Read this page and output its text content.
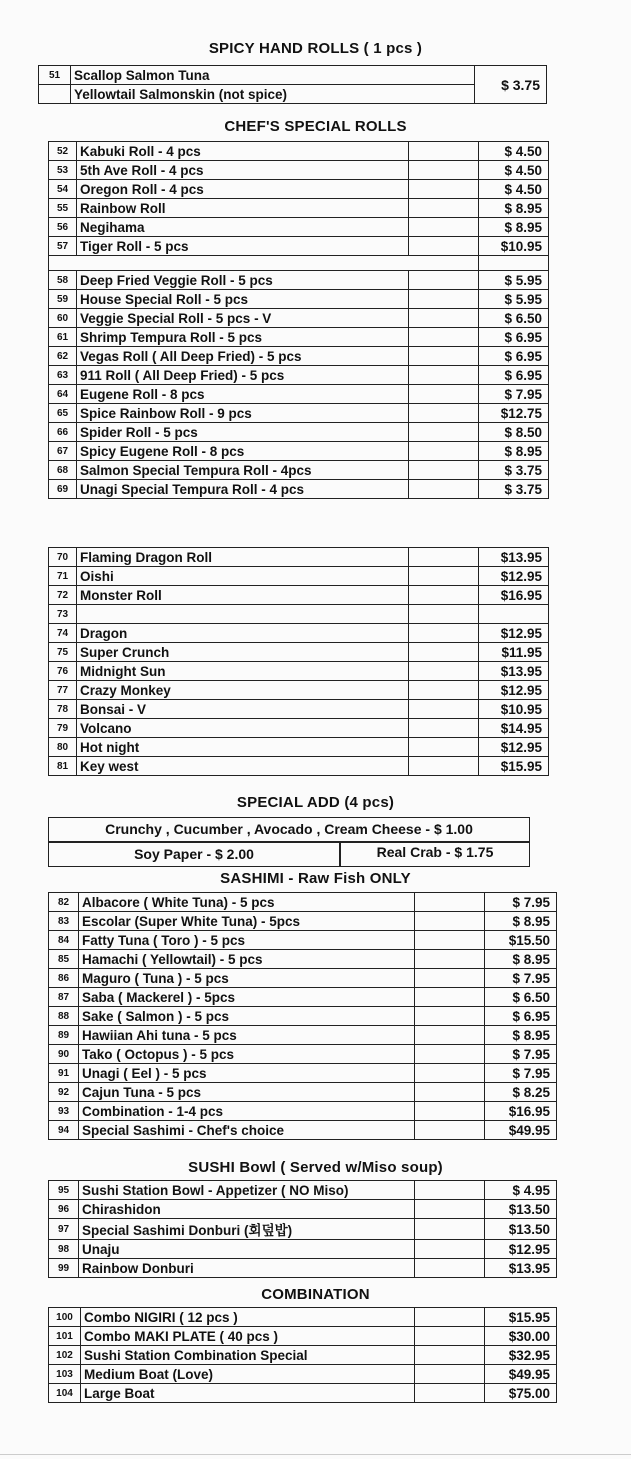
SPICY HAND ROLLS ( 1 pcs )
51	Scallop Salmon Tuna	$ 3.75
	Yellowtail Salmonskin (not spice)	
CHEF'S SPECIAL ROLLS
52	Kabuki Roll - 4 pcs		$ 4.50
53	5th Ave Roll - 4 pcs		$ 4.50
54	Oregon Roll - 4 pcs		$ 4.50
55	Rainbow Roll		$ 8.95
56	Negihama		$ 8.95
57	Tiger Roll - 5 pcs		$10.95

58	Deep Fried Veggie Roll - 5 pcs		$ 5.95
59	House Special Roll - 5 pcs		$ 5.95
60	Veggie Special Roll - 5 pcs - V		$ 6.50
61	Shrimp Tempura Roll - 5 pcs		$ 6.95
62	Vegas Roll ( All Deep Fried) - 5 pcs		$ 6.95
63	911 Roll ( All Deep Fried) - 5 pcs		$ 6.95
64	Eugene Roll - 8 pcs		$ 7.95
65	Spice Rainbow Roll - 9 pcs		$12.75
66	Spider Roll - 5 pcs		$ 8.50
67	Spicy Eugene Roll - 8 pcs		$ 8.95
68	Salmon Special Tempura Roll - 4pcs		$ 3.75
69	Unagi Special Tempura Roll - 4 pcs		$ 3.75
70	Flaming Dragon Roll		$13.95
71	Oishi		$12.95
72	Monster Roll		$16.95
73			
74	Dragon		$12.95
75	Super Crunch		$11.95
76	Midnight Sun		$13.95
77	Crazy Monkey		$12.95
78	Bonsai - V		$10.95
79	Volcano		$14.95
80	Hot night		$12.95
81	Key west		$15.95
SPECIAL ADD (4 pcs)
Crunchy , Cucumber , Avocado , Cream Cheese - $ 1.00
Soy Paper - $ 2.00	Real Crab - $ 1.75
SASHIMI - Raw Fish ONLY
82	Albacore ( White Tuna) - 5 pcs		$ 7.95
83	Escolar (Super White Tuna) - 5pcs		$ 8.95
84	Fatty Tuna ( Toro ) - 5 pcs		$15.50
85	Hamachi ( Yellowtail) - 5 pcs		$ 8.95
86	Maguro ( Tuna ) - 5 pcs		$ 7.95
87	Saba ( Mackerel ) - 5pcs		$ 6.50
88	Sake ( Salmon ) - 5 pcs		$ 6.95
89	Hawiian Ahi tuna - 5 pcs		$ 8.95
90	Tako ( Octopus ) - 5 pcs		$ 7.95
91	Unagi ( Eel ) - 5 pcs		$ 7.95
92	Cajun Tuna - 5 pcs		$ 8.25
93	Combination - 1-4 pcs		$16.95
94	Special Sashimi - Chef's choice		$49.95
SUSHI Bowl ( Served w/Miso soup)
95	Sushi Station Bowl - Appetizer ( NO Miso)		$ 4.95
96	Chirashidon		$13.50
97	Special Sashimi Donburi (회덮밥)		$13.50
98	Unaju		$12.95
99	Rainbow Donburi		$13.95
COMBINATION
100	Combo NIGIRI ( 12 pcs )		$15.95
101	Combo MAKI PLATE ( 40 pcs )		$30.00
102	Sushi Station Combination Special		$32.95
103	Medium Boat (Love)		$49.95
104	Large Boat		$75.00
